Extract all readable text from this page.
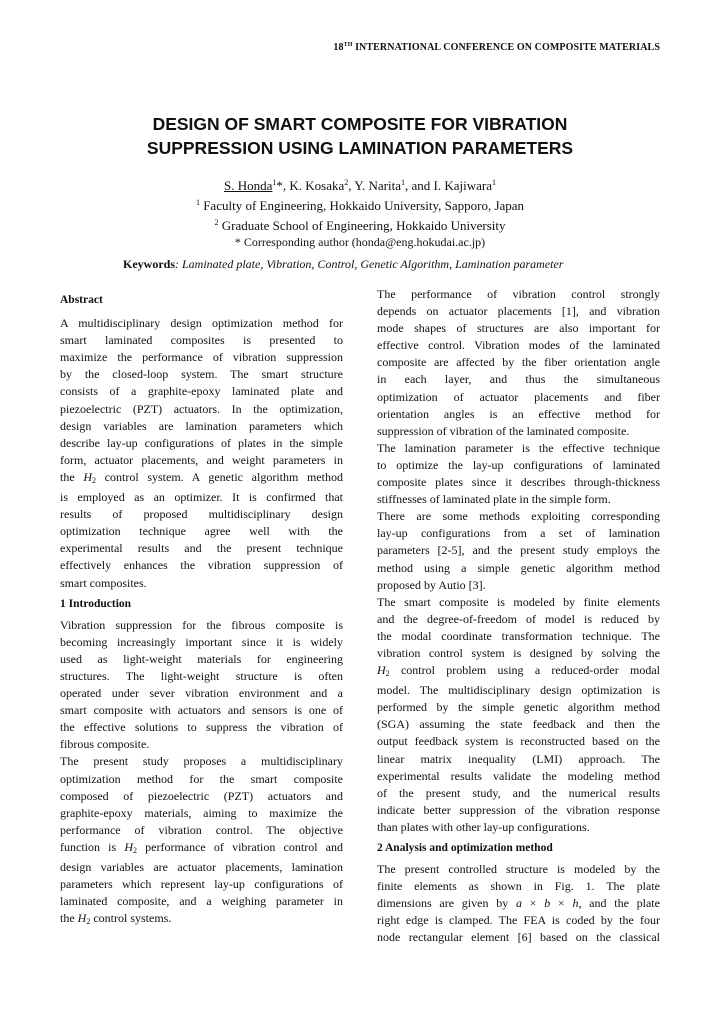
18TH INTERNATIONAL CONFERENCE ON COMPOSITE MATERIALS
DESIGN OF SMART COMPOSITE FOR VIBRATION
SUPPRESSION USING LAMINATION PARAMETERS
S. Honda$^1$*, K. Kosaka$^2$, Y. Narita$^1$, and I. Kajiwara$^1$
$^1$ Faculty of Engineering, Hokkaido University, Sapporo, Japan
$^2$ Graduate School of Engineering, Hokkaido University
* Corresponding author (honda@eng.hokudai.ac.jp)
Keywords: Laminated plate, Vibration, Control, Genetic Algorithm, Lamination parameter
Abstract
A multidisciplinary design optimization method for
smart laminated composites is presented to
maximize the performance of vibration suppression
by the closed-loop system. The smart structure
consists of a graphite-epoxy laminated plate and
piezoelectric (PZT) actuators. In the optimization,
design variables are lamination parameters which
describe lay-up configurations of plates in the simple
form, actuator placements, and weight parameters in
the $H_2$ control system. A genetic algorithm method
is employed as an optimizer. It is confirmed that
results of proposed multidisciplinary design
optimization technique agree well with the
experimental results and the present technique
effectively enhances the vibration suppression of
smart composites.
1 Introduction
Vibration suppression for the fibrous composite is
becoming increasingly important since it is widely
used as light-weight materials for engineering
structures. The light-weight structure is often
operated under sever vibration environment and a
smart composite with actuators and sensors is one of
the effective solutions to suppress the vibration of
fibrous composite.
The present study proposes a multidisciplinary
optimization method for the smart composite
composed of piezoelectric (PZT) actuators and
graphite-epoxy materials, aiming to maximize the
performance of vibration control. The objective
function is $H_2$ performance of vibration control and
design variables are actuator placements, lamination
parameters which represent lay-up configurations of
laminated composite, and a weighing parameter in
the $H_2$ control systems.
The performance of vibration control strongly
depends on actuator placements [1], and vibration
mode shapes of structures are also important for
effective control. Vibration modes of the laminated
composite are affected by the fiber orientation angle
in each layer, and thus the simultaneous
optimization of actuator placements and fiber
orientation angles is an effective method for
suppression of vibration of the laminated composite.
The lamination parameter is the effective technique
to optimize the lay-up configurations of laminated
composite plates since it describes through-thickness
stiffnesses of laminated plate in the simple form.
There are some methods exploiting corresponding
lay-up configurations from a set of lamination
parameters [2-5], and the present study employs the
method using a simple genetic algorithm method
proposed by Autio [3].
The smart composite is modeled by finite elements
and the degree-of-freedom of model is reduced by
the modal coordinate transformation technique. The
vibration control system is designed by solving the
$H_2$ control problem using a reduced-order modal
model. The multidisciplinary design optimization is
performed by the simple genetic algorithm method
(SGA) assuming the state feedback and then the
output feedback system is reconstructed based on the
linear matrix inequality (LMI) approach. The
experimental results validate the modeling method
of the present study, and the numerical results
indicate better suppression of the vibration response
than plates with other lay-up configurations.
2 Analysis and optimization method
The present controlled structure is modeled by the
finite elements as shown in Fig. 1. The plate
dimensions are given by a × b × h, and the plate
right edge is clamped. The FEA is coded by the four
node rectangular element [6] based on the classical
